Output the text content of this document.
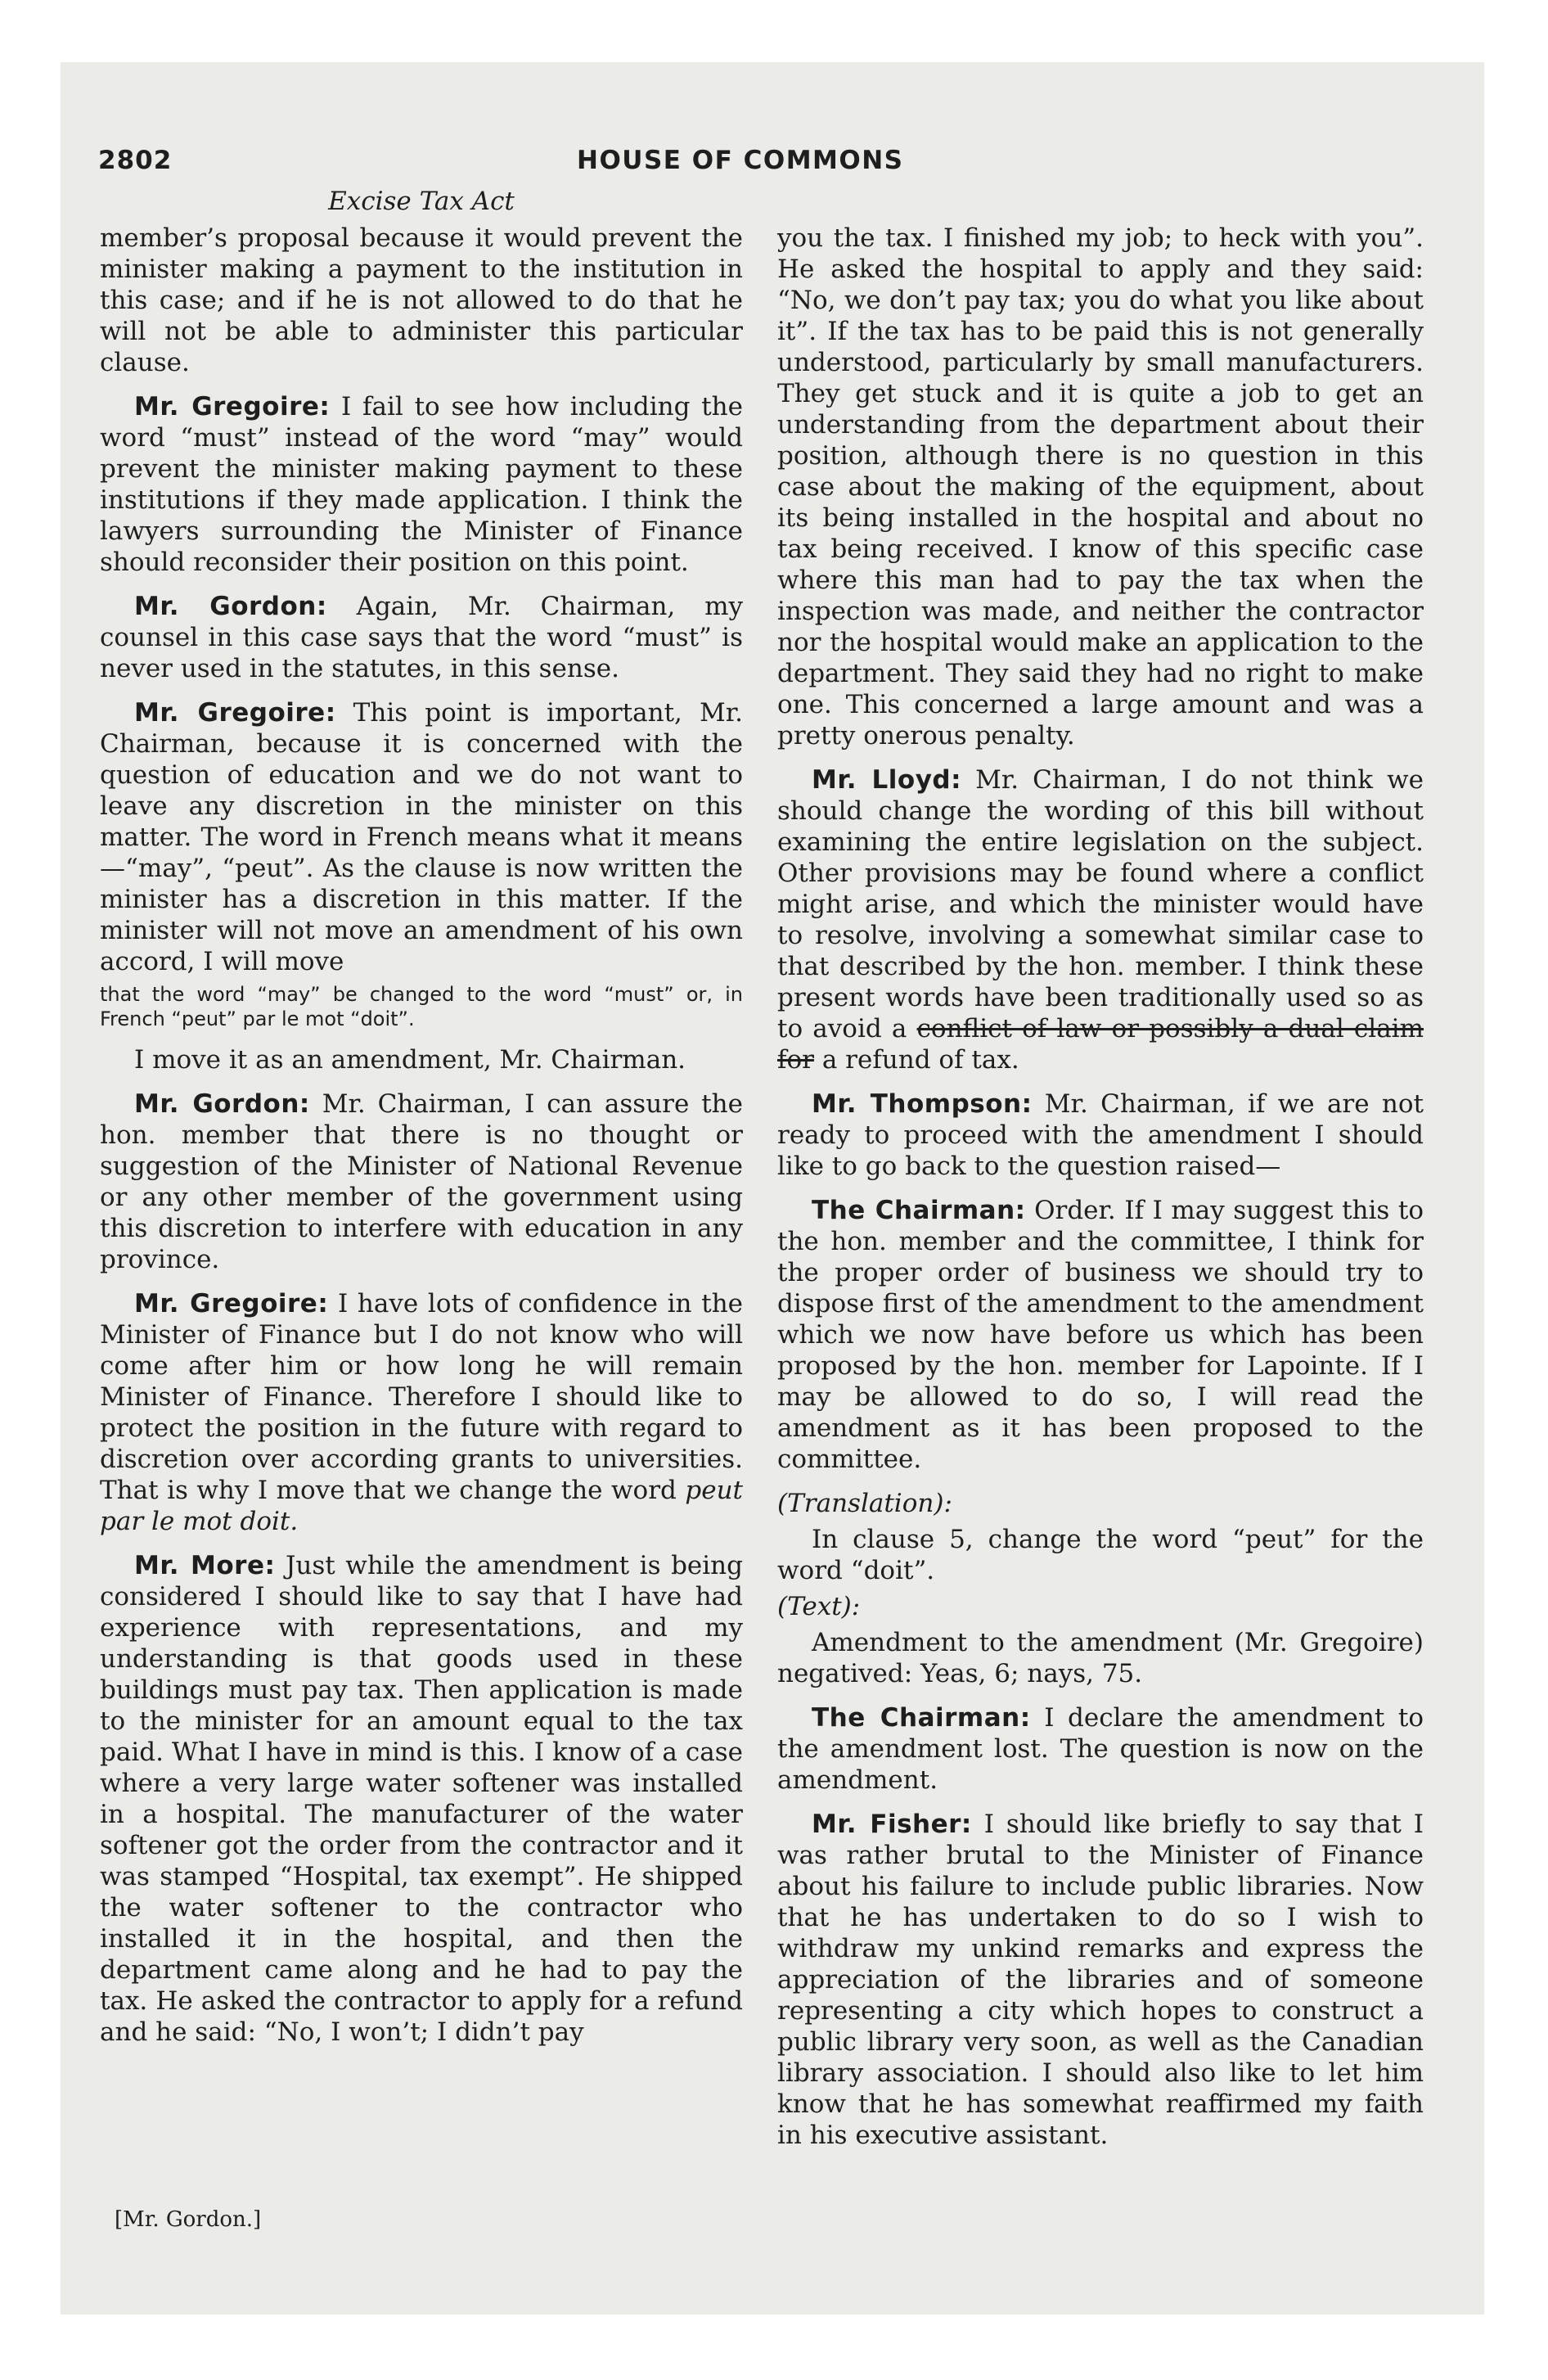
2802	HOUSE OF COMMONS

Excise Tax Act

member’s proposal because it would prevent the minister making a payment to the institution in this case; and if he is not allowed to do that he will not be able to administer this particular clause.

Mr. Gregoire: I fail to see how including the word “must” instead of the word “may” would prevent the minister making payment to these institutions if they made application. I think the lawyers surrounding the Minister of Finance should reconsider their position on this point.

Mr. Gordon: Again, Mr. Chairman, my counsel in this case says that the word “must” is never used in the statutes, in this sense.

Mr. Gregoire: This point is important, Mr. Chairman, because it is concerned with the question of education and we do not want to leave any discretion in the minister on this matter. The word in French means what it means—“may”, “peut”. As the clause is now written the minister has a discretion in this matter. If the minister will not move an amendment of his own accord, I will move

that the word “may” be changed to the word “must” or, in French “peut” par le mot “doit”.

I move it as an amendment, Mr. Chairman.

Mr. Gordon: Mr. Chairman, I can assure the hon. member that there is no thought or suggestion of the Minister of National Revenue or any other member of the government using this discretion to interfere with education in any province.

Mr. Gregoire: I have lots of confidence in the Minister of Finance but I do not know who will come after him or how long he will remain Minister of Finance. Therefore I should like to protect the position in the future with regard to discretion over according grants to universities. That is why I move that we change the word peut par le mot doit.

Mr. More: Just while the amendment is being considered I should like to say that I have had experience with representations, and my understanding is that goods used in these buildings must pay tax. Then application is made to the minister for an amount equal to the tax paid. What I have in mind is this. I know of a case where a very large water softener was installed in a hospital. The manufacturer of the water softener got the order from the contractor and it was stamped “Hospital, tax exempt”. He shipped the water softener to the contractor who installed it in the hospital, and then the department came along and he had to pay the tax. He asked the contractor to apply for a refund and he said: “No, I won’t; I didn’t pay

you the tax. I finished my job; to heck with you”. He asked the hospital to apply and they said: “No, we don’t pay tax; you do what you like about it”. If the tax has to be paid this is not generally understood, particularly by small manufacturers. They get stuck and it is quite a job to get an understanding from the department about their position, although there is no question in this case about the making of the equipment, about its being installed in the hospital and about no tax being received. I know of this specific case where this man had to pay the tax when the inspection was made, and neither the contractor nor the hospital would make an application to the department. They said they had no right to make one. This concerned a large amount and was a pretty onerous penalty.

Mr. Lloyd: Mr. Chairman, I do not think we should change the wording of this bill without examining the entire legislation on the subject. Other provisions may be found where a conflict might arise, and which the minister would have to resolve, involving a somewhat similar case to that described by the hon. member. I think these present words have been traditionally used so as to avoid a conflict of law or possibly a dual claim for a refund of tax.

Mr. Thompson: Mr. Chairman, if we are not ready to proceed with the amendment I should like to go back to the question raised—

The Chairman: Order. If I may suggest this to the hon. member and the committee, I think for the proper order of business we should try to dispose first of the amendment to the amendment which we now have before us which has been proposed by the hon. member for Lapointe. If I may be allowed to do so, I will read the amendment as it has been proposed to the committee.

(Translation):

In clause 5, change the word “peut” for the word “doit”.

(Text):

Amendment to the amendment (Mr. Gregoire) negatived: Yeas, 6; nays, 75.

The Chairman: I declare the amendment to the amendment lost. The question is now on the amendment.

Mr. Fisher: I should like briefly to say that I was rather brutal to the Minister of Finance about his failure to include public libraries. Now that he has undertaken to do so I wish to withdraw my unkind remarks and express the appreciation of the libraries and of someone representing a city which hopes to construct a public library very soon, as well as the Canadian library association. I should also like to let him know that he has somewhat reaffirmed my faith in his executive assistant.

[Mr. Gordon.]
